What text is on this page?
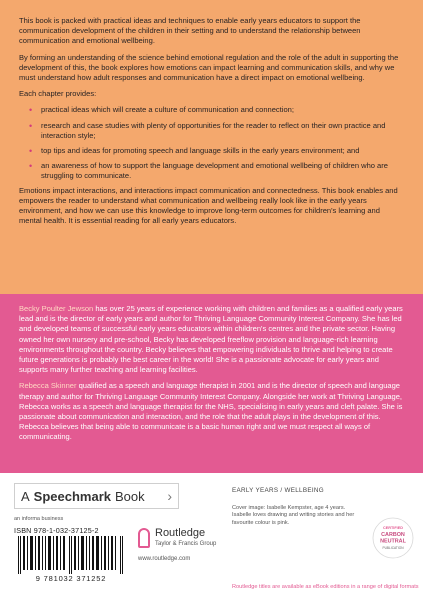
This book is packed with practical ideas and techniques to enable early years educators to support the communication development of the children in their setting and to understand the relationship between communication and emotional wellbeing.

By forming an understanding of the science behind emotional regulation and the role of the adult in supporting the development of this, the book explores how emotions can impact learning and communication skills, and why we must understand how adult responses and communication have a direct impact on emotional wellbeing.

Each chapter provides:

• practical ideas which will create a culture of communication and connection;
• research and case studies with plenty of opportunities for the reader to reflect on their own practice and interaction style;
• top tips and ideas for promoting speech and language skills in the early years environment; and
• an awareness of how to support the language development and emotional wellbeing of children who are struggling to communicate.

Emotions impact interactions, and interactions impact communication and connectedness. This book enables and empowers the reader to understand what communication and wellbeing really look like in the early years environment, and how we can use this knowledge to improve long-term outcomes for children's learning and mental health. It is essential reading for all early years educators.

Becky Poulter Jewson has over 25 years of experience working with children and families as a qualified early years lead and is the director of early years and author for Thriving Language Community Interest Company. She has led and developed teams of successful early years educators within children's centres and the private sector. Having owned her own nursery and pre-school, Becky has developed freeflow provision and language-rich learning environments throughout the country. Becky believes that empowering individuals to thrive and helping to create future generations is probably the best career in the world! She is a passionate advocate for early years and supports many further teaching and learning facilities.

Rebecca Skinner qualified as a speech and language therapist in 2001 and is the director of speech and language therapy and author for Thriving Language Community Interest Company. Alongside her work at Thriving Language, Rebecca works as a speech and language therapist for the NHS, specialising in early years and cleft palate. She is passionate about communication and interaction, and the role that the adult plays in the development of this. Rebecca believes that being able to communicate is a basic human right and we must respect all ways of communicating.

A Speechmark Book ›
an informa business
ISBN 978-1-032-37125-2
9 781032 371252
Routledge
Taylor & Francis Group
www.routledge.com
EARLY YEARS / WELLBEING
Cover image: Isabelle Kempster, age 4 years. Isabelle loves drawing and writing stories and her favourite colour is pink.
CERTIFIED
CARBON
NEUTRAL
PUBLICATION
Routledge titles are available as eBook editions in a range of digital formats
